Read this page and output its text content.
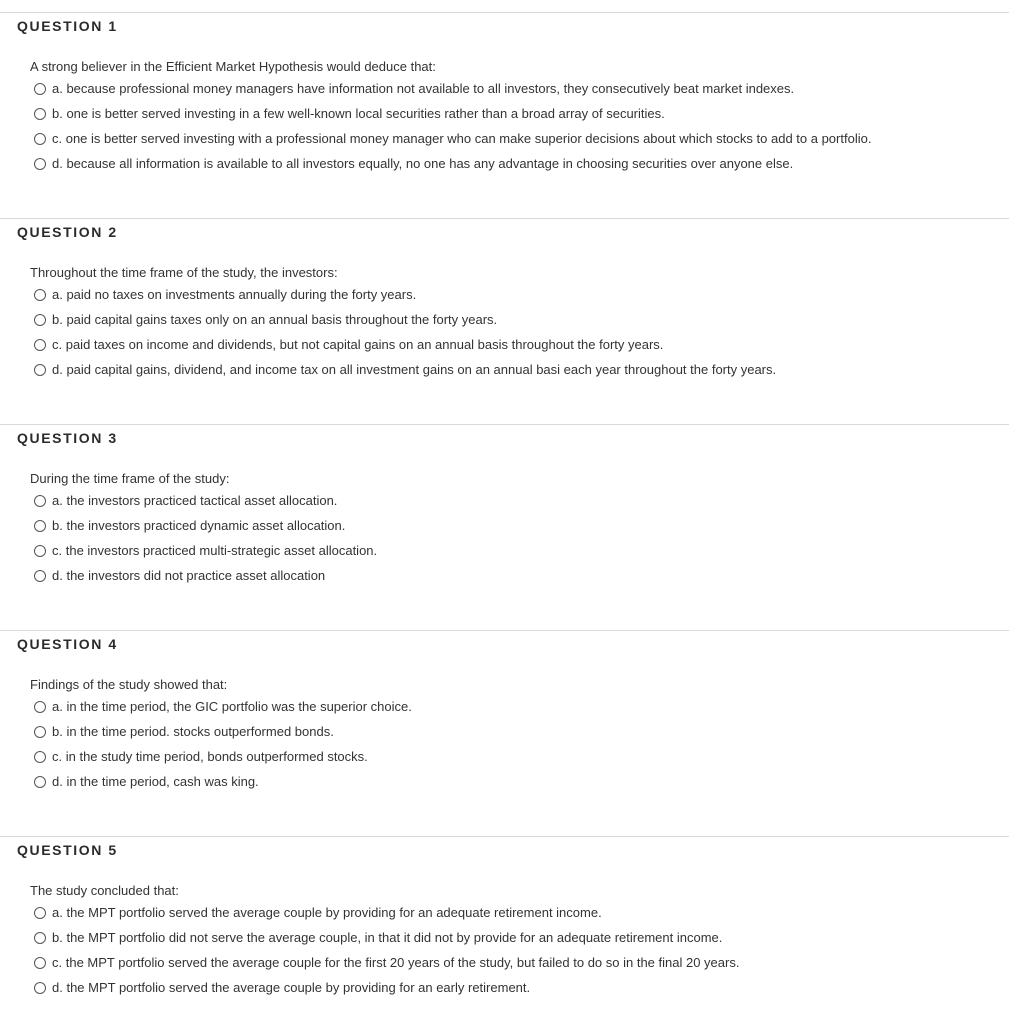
QUESTION 1
A strong believer in the Efficient Market Hypothesis would deduce that:
a. because professional money managers have information not available to all investors, they consecutively beat market indexes.
b. one is better served investing in a few well-known local securities rather than a broad array of securities.
c. one is better served investing with a professional money manager who can make superior decisions about which stocks to add to a portfolio.
d. because all information is available to all investors equally, no one has any advantage in choosing securities over anyone else.
QUESTION 2
Throughout the time frame of the study, the investors:
a. paid no taxes on investments annually during the forty years.
b. paid capital gains taxes only on an annual basis throughout the forty years.
c. paid taxes on income and dividends, but not capital gains on an annual basis throughout the forty years.
d. paid capital gains, dividend, and income tax on all investment gains on an annual basi each year throughout the forty years.
QUESTION 3
During the time frame of the study:
a. the investors practiced tactical asset allocation.
b. the investors practiced dynamic asset allocation.
c. the investors practiced multi-strategic asset allocation.
d. the investors did not practice asset allocation
QUESTION 4
Findings of the study showed that:
a. in the time period, the GIC portfolio was the superior choice.
b. in the time period. stocks outperformed bonds.
c. in the study time period, bonds outperformed stocks.
d. in the time period, cash was king.
QUESTION 5
The study concluded that:
a. the MPT portfolio served the average couple by providing for an adequate retirement income.
b. the MPT portfolio did not serve the average couple, in that it did not by provide for an adequate retirement income.
c. the MPT portfolio served the average couple for the first 20 years of the study, but failed to do so in the final 20 years.
d. the MPT portfolio served the average couple by providing for an early retirement.
